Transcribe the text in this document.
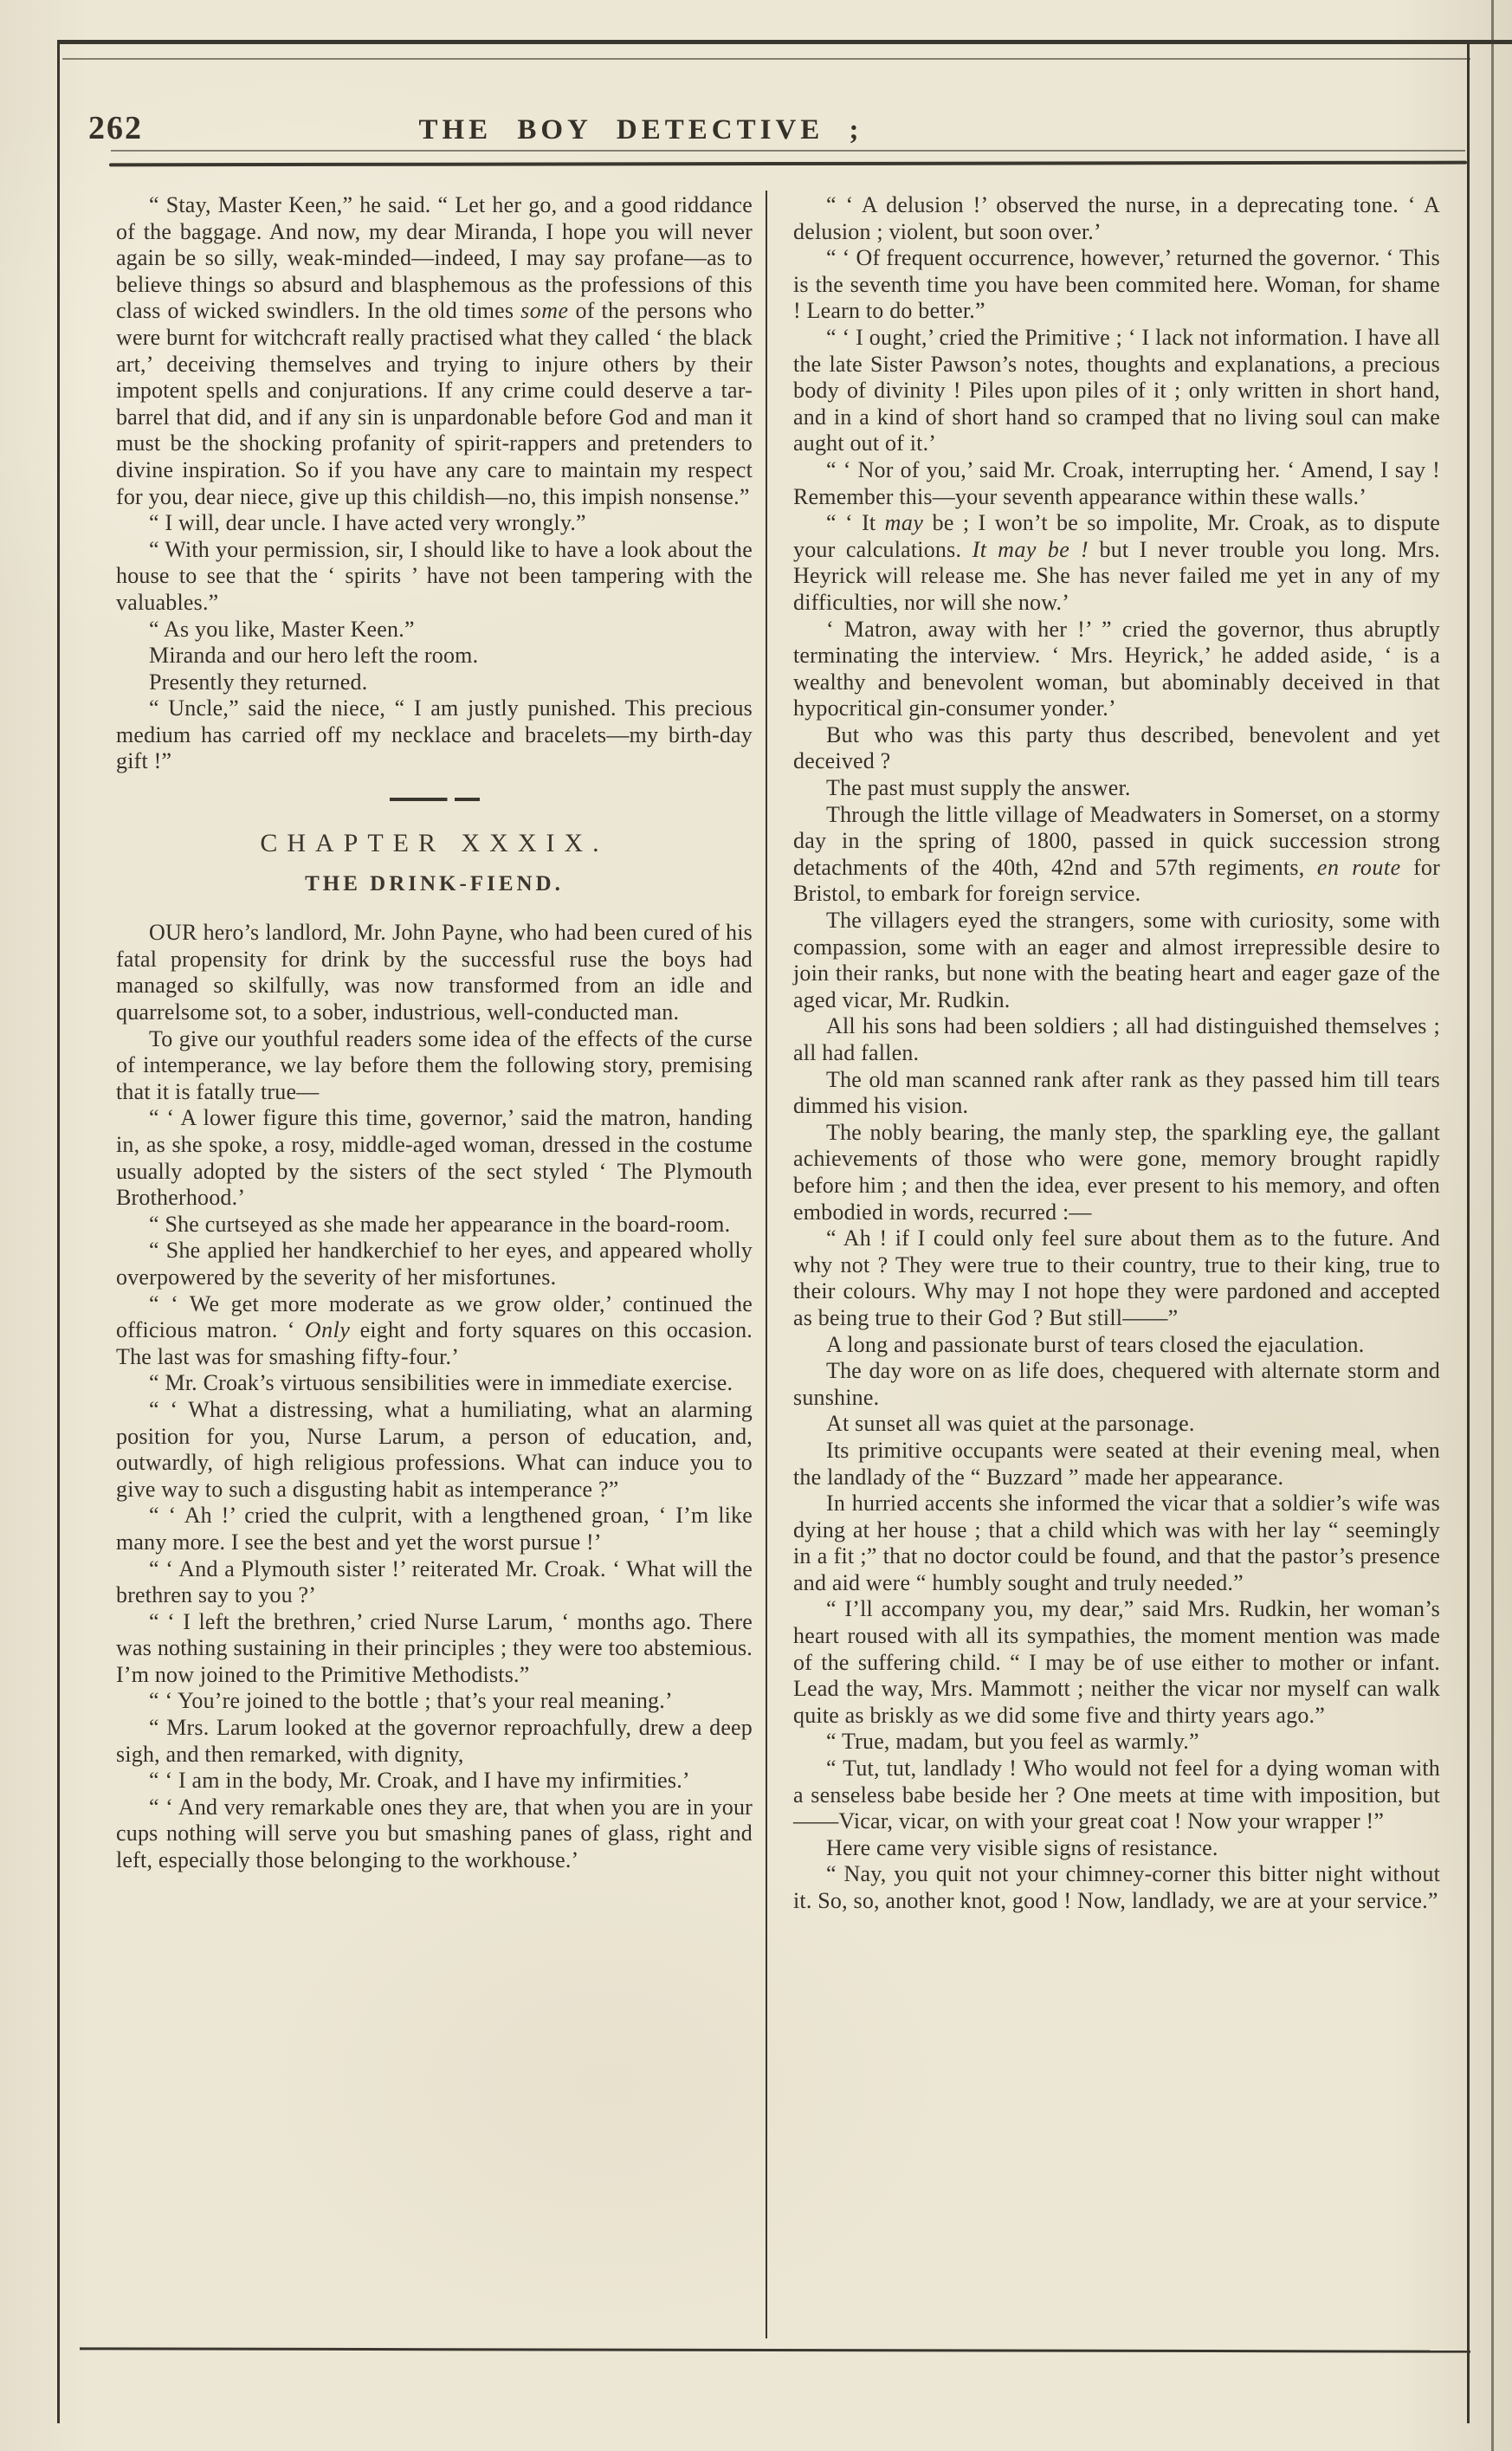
262	THE BOY DETECTIVE ;
“ Stay, Master Keen,” he said. “ Let her go, and a good riddance of the baggage. And now, my dear Miranda, I hope you will never again be so silly, weak-minded—indeed, I may say profane—as to believe things so absurd and blasphemous as the professions of this class of wicked swindlers. In the old times some of the persons who were burnt for witchcraft really practised what they called ‘ the black art,’ deceiving themselves and trying to injure others by their impotent spells and conjurations. If any crime could deserve a tar-barrel that did, and if any sin is unpardonable before God and man it must be the shocking profanity of spirit-rappers and pretenders to divine inspiration. So if you have any care to maintain my respect for you, dear niece, give up this childish—no, this impish nonsense.”
“ I will, dear uncle. I have acted very wrongly.”
“ With your permission, sir, I should like to have a look about the house to see that the ‘ spirits ’ have not been tampering with the valuables.”
“ As you like, Master Keen.”
Miranda and our hero left the room.
Presently they returned.
“ Uncle,” said the niece, “ I am justly punished. This precious medium has carried off my necklace and bracelets—my birth-day gift !”
CHAPTER XXXIX.
THE DRINK-FIEND.
OUR hero’s landlord, Mr. John Payne, who had been cured of his fatal propensity for drink by the successful ruse the boys had managed so skilfully, was now transformed from an idle and quarrelsome sot, to a sober, industrious, well-conducted man.
To give our youthful readers some idea of the effects of the curse of intemperance, we lay before them the following story, premising that it is fatally true—
“ ‘ A lower figure this time, governor,’ said the matron, handing in, as she spoke, a rosy, middle-aged woman, dressed in the costume usually adopted by the sisters of the sect styled ‘ The Plymouth Brotherhood.’
“ She curtseyed as she made her appearance in the board-room.
“ She applied her handkerchief to her eyes, and appeared wholly overpowered by the severity of her misfortunes.
“ ‘ We get more moderate as we grow older,’ continued the officious matron. ‘ Only eight and forty squares on this occasion. The last was for smashing fifty-four.’
“ Mr. Croak’s virtuous sensibilities were in immediate exercise.
“ ‘ What a distressing, what a humiliating, what an alarming position for you, Nurse Larum, a person of education, and, outwardly, of high religious professions. What can induce you to give way to such a disgusting habit as intemperance ?”
“ ‘ Ah !’ cried the culprit, with a lengthened groan, ‘ I’m like many more. I see the best and yet the worst pursue !’
“ ‘ And a Plymouth sister !’ reiterated Mr. Croak. ‘ What will the brethren say to you ?’
“ ‘ I left the brethren,’ cried Nurse Larum, ‘ months ago. There was nothing sustaining in their principles ; they were too abstemious. I’m now joined to the Primitive Methodists.”
“ ‘ You’re joined to the bottle ; that’s your real meaning.’
“ Mrs. Larum looked at the governor reproachfully, drew a deep sigh, and then remarked, with dignity,
“ ‘ I am in the body, Mr. Croak, and I have my infirmities.’
“ ‘ And very remarkable ones they are, that when you are in your cups nothing will serve you but smashing panes of glass, right and left, especially those belonging to the workhouse.’
“ ‘ A delusion !’ observed the nurse, in a deprecating tone. ‘ A delusion ; violent, but soon over.’
“ ‘ Of frequent occurrence, however,’ returned the governor. ‘ This is the seventh time you have been commited here. Woman, for shame ! Learn to do better.”
“ ‘ I ought,’ cried the Primitive ; ‘ I lack not information. I have all the late Sister Pawson’s notes, thoughts and explanations, a precious body of divinity ! Piles upon piles of it ; only written in short hand, and in a kind of short hand so cramped that no living soul can make aught out of it.’
“ ‘ Nor of you,’ said Mr. Croak, interrupting her. ‘ Amend, I say ! Remember this—your seventh appearance within these walls.’
“ ‘ It may be ; I won’t be so impolite, Mr. Croak, as to dispute your calculations. It may be ! but I never trouble you long. Mrs. Heyrick will release me. She has never failed me yet in any of my difficulties, nor will she now.’
‘ Matron, away with her !’ ” cried the governor, thus abruptly terminating the interview. ‘ Mrs. Heyrick,’ he added aside, ‘ is a wealthy and benevolent woman, but abominably deceived in that hypocritical gin-consumer yonder.’
But who was this party thus described, benevolent and yet deceived ?
The past must supply the answer.
Through the little village of Meadwaters in Somerset, on a stormy day in the spring of 1800, passed in quick succession strong detachments of the 40th, 42nd and 57th regiments, en route for Bristol, to embark for foreign service.
The villagers eyed the strangers, some with curiosity, some with compassion, some with an eager and almost irrepressible desire to join their ranks, but none with the beating heart and eager gaze of the aged vicar, Mr. Rudkin.
All his sons had been soldiers ; all had distinguished themselves ; all had fallen.
The old man scanned rank after rank as they passed him till tears dimmed his vision.
The nobly bearing, the manly step, the sparkling eye, the gallant achievements of those who were gone, memory brought rapidly before him ; and then the idea, ever present to his memory, and often embodied in words, recurred :—
“ Ah ! if I could only feel sure about them as to the future. And why not ? They were true to their country, true to their king, true to their colours. Why may I not hope they were pardoned and accepted as being true to their God ? But still——”
A long and passionate burst of tears closed the ejaculation.
The day wore on as life does, chequered with alternate storm and sunshine.
At sunset all was quiet at the parsonage.
Its primitive occupants were seated at their evening meal, when the landlady of the “ Buzzard ” made her appearance.
In hurried accents she informed the vicar that a soldier’s wife was dying at her house ; that a child which was with her lay “ seemingly in a fit ;” that no doctor could be found, and that the pastor’s presence and aid were “ humbly sought and truly needed.”
“ I’ll accompany you, my dear,” said Mrs. Rudkin, her woman’s heart roused with all its sympathies, the moment mention was made of the suffering child. “ I may be of use either to mother or infant. Lead the way, Mrs. Mammott ; neither the vicar nor myself can walk quite as briskly as we did some five and thirty years ago.”
“ True, madam, but you feel as warmly.”
“ Tut, tut, landlady ! Who would not feel for a dying woman with a senseless babe beside her ? One meets at time with imposition, but——Vicar, vicar, on with your great coat ! Now your wrapper !”
Here came very visible signs of resistance.
“ Nay, you quit not your chimney-corner this bitter night without it. So, so, another knot, good ! Now, landlady, we are at your service.”
